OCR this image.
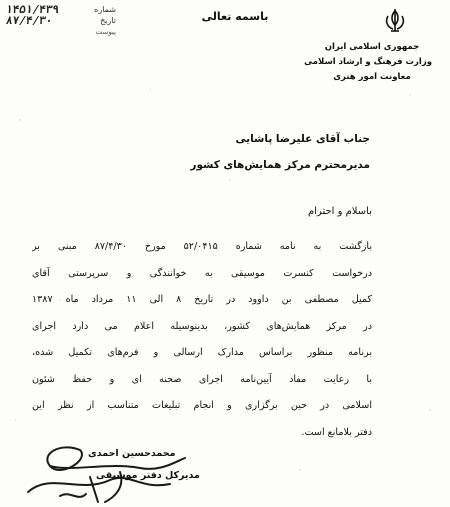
جمهوری اسلامی ایران
وزارت فرهنگ و ارشاد اسلامی
معاونت امور هنری
باسمه تعالی
شماره
۱۴۵۱/۴۳۹
تاریخ
۸۷/۴/۳۰
پیوست
جناب آقای علیرضا پاشایی
مدیرمحترم مرکز همایش‌های کشور
باسلام و احترام
بازگشت به نامه شماره ۵۲/۰۴۱۵ مورخ ۸۷/۴/۳۰ مبنی بر
درخواست کنسرت موسیقی به خوانندگی و سرپرستی آقای
کمیل مصطفی بن داوود در تاریخ ۸ الی ۱۱ مرداد ماه ۱۳۸۷
در مرکز همایش‌های کشور، بدینوسیله اعلام می دارد اجرای
برنامه منظور براساس مدارک ارسالی و فرم‌های تکمیل شده،
با رعایت مفاد آیین‌نامه اجرای صحنه ای و حفظ شئون
اسلامی در حین برگزاری و انجام تبلیغات متناسب از نظر این
دفتر بلامانع است.
محمدحسین احمدی
مدیرکل دفتر موسیقی
